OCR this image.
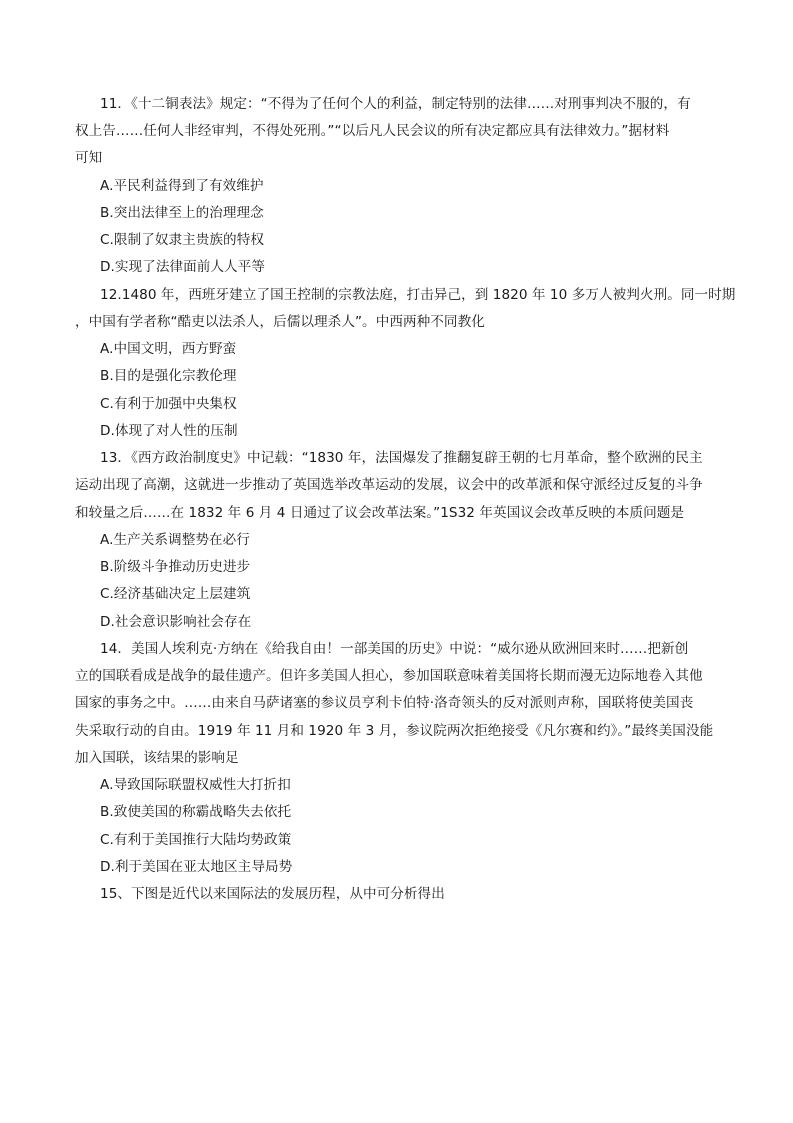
11．《十二铜表法》规定：“不得为了任何个人的利益，制定特别的法律……对刑事判决不服的，有
权上告……任何人非经审判，不得处死刑。”“以后凡人民会议的所有决定都应具有法律效力。”据材料
可知
A.平民利益得到了有效维护
B.突出法律至上的治理理念
C.限制了奴隶主贵族的特权
D.实现了法律面前人人平等
12.1480 年，西班牙建立了国王控制的宗教法庭，打击异己，到 1820 年 10 多万人被判火刑。同一时期
，中国有学者称“酷吏以法杀人，后儒以理杀人”。中西两种不同教化
A.中国文明，西方野蛮
B.目的是强化宗教伦理
C.有利于加强中央集权
D.体现了对人性的压制
13．《西方政治制度史》中记载：“1830 年，法国爆发了推翻复辟王朝的七月革命，整个欧洲的民主
运动出现了高潮，这就进一步推动了英国选举改革运动的发展，议会中的改革派和保守派经过反复的斗争
和较量之后……在 1832 年 6 月 4 日通过了议会改革法案。”1S32 年英国议会改革反映的本质问题是
A.生产关系调整势在必行
B.阶级斗争推动历史进步
C.经济基础决定上层建筑
D.社会意识影响社会存在
14．美国人埃利克·方纳在《给我自由！一部美国的历史》中说：“威尔逊从欧洲回来时……把新创
立的国联看成是战争的最佳遗产。但许多美国人担心，参加国联意味着美国将长期而漫无边际地卷入其他
国家的事务之中。……由来自马萨诸塞的参议员亨利卡伯特·洛奇领头的反对派则声称，国联将使美国丧
失采取行动的自由。1919 年 11 月和 1920 年 3 月，参议院两次拒绝接受《凡尔赛和约》。”最终美国没能
加入国联，该结果的影响足
A.导致国际联盟权威性大打折扣
B.致使美国的称霸战略失去依托
C.有利于美国推行大陆均势政策
D.利于美国在亚太地区主导局势
15、下图是近代以来国际法的发展历程，从中可分析得出
